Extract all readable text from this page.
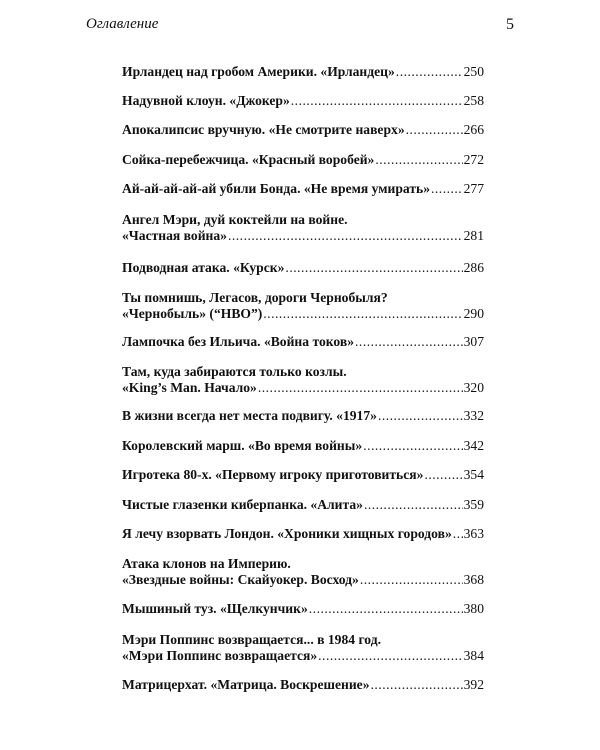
Оглавление	5
Ирландец над гробом Америки. «Ирландец» .....	250
Надувной клоун. «Джокер» .....	258
Апокалипсис вручную. «Не смотрите наверх» .....	266
Сойка-перебежчица. «Красный воробей» .....	272
Ай-ай-ай-ай-ай убили Бонда. «Не время умирать» ..... 277
Ангел Мэри, дуй коктейли на войне.
«Частная война» .....	281
Подводная атака. «Курск» .....	286
Ты помнишь, Легасов, дороги Чернобыля?
«Чернобыль» (“HBO”) .....	290
Лампочка без Ильича. «Война токов» .....	307
Там, куда забираются только козлы.
«King’s Man. Начало» .....	320
В жизни всегда нет места подвигу. «1917» .....	332
Королевский марш. «Во время войны» .....	342
Игротека 80-х. «Первому игроку приготовиться» .....	354
Чистые глазенки киберпанка. «Алита» .....	359
Я лечу взорвать Лондон. «Хроники хищных городов» ..... 363
Атака клонов на Империю.
«Звездные войны: Скайуокер. Восход» .....	368
Мышиный туз. «Щелкунчик» .....	380
Мэри Поппинс возвращается... в 1984 год.
«Мэри Поппинс возвращается» .....	384
Матрицерхат. «Матрица. Воскрешение» .....	392
